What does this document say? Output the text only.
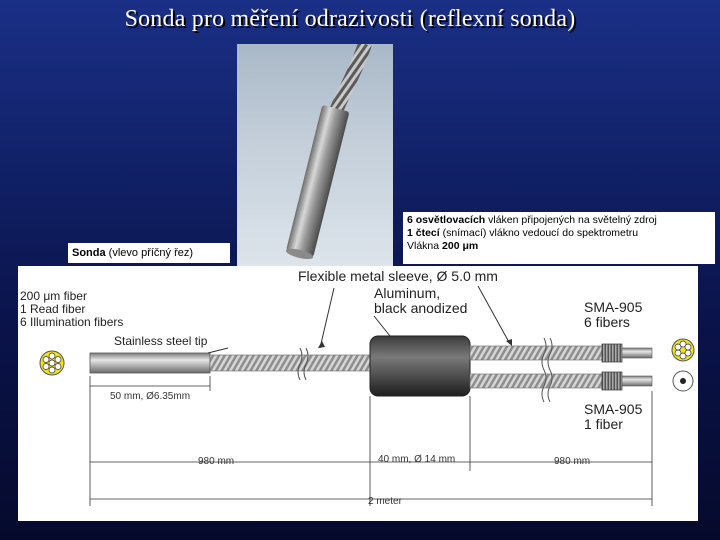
Sonda pro měření odrazivosti (reflexní sonda)
Sonda (vlevo příčný řez)
6 osvětlovacích vláken připojených na světelný zdroj
1 čtecí (snímací) vlákno vedoucí do spektrometru
Vlákna 200 μm
Flexible metal sleeve, Ø 5.0 mm
200 μm fiber
1 Read fiber
6 Illumination fibers
Stainless steel tip
Aluminum,
black anodized	SMA-905
6 fibers
SMA-905
1 fiber
50 mm, Ø6.35mm
980 mm	40 mm, Ø 14 mm	980 mm
2 meter
